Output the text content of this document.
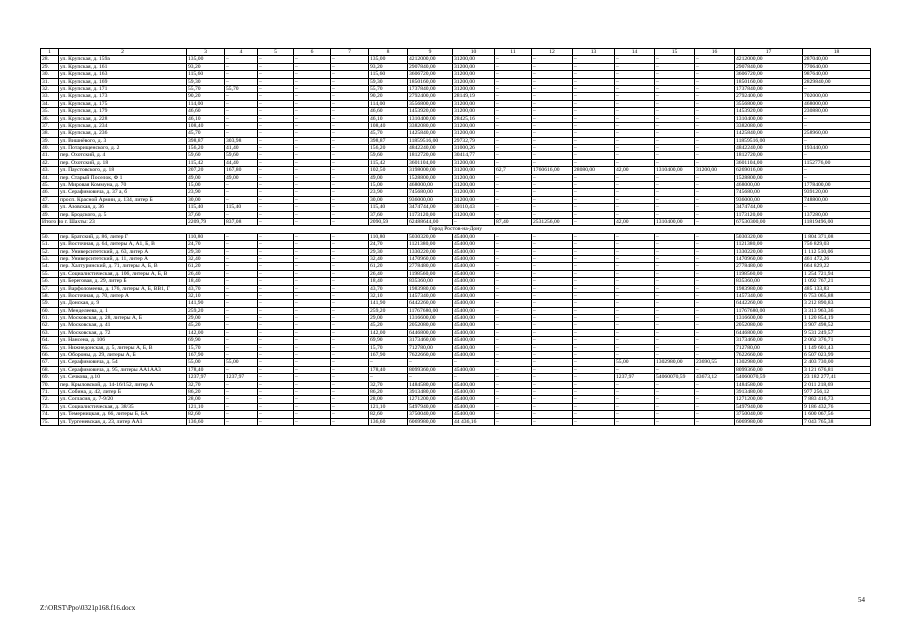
1	2	3	4	5	6	7	8	9	10	11	12	13	14	15	16	17	18
28.	ул. Крупская, д. 159а	135,00	–	–	–	–	135,00	4212000,00	31200,00	–	–	–	–	–	–	4212000,00	287040,00
29.	ул. Крупская, д. 161	93,20	–	–	–	–	93,20	2907840,00	31200,00	–	–	–	–	–	–	2907840,00	770640,00
30.	ул. Крупская, д. 163	115,60	–	–	–	–	115,60	3606720,00	31200,00	–	–	–	–	–	–	3606720,00	987640,00
31.	ул. Крупская, д. 169	59,30	–	–	–	–	59,30	1850160,00	31200,00	–	–	–	–	–	–	1850160,00	2829840,00
32.	ул. Крупская, д. 171	55,70	55,70	–	–	–	55,70	1737840,00	31200,00	–	–	–	–	–	–	1737840,00	–
33.	ул. Крупская, д. 173	90,20	–	–	–	–	90,20	2792400,00	28149,19	–	–	–	–	–	–	2792400,00	702000,00
34.	ул. Крупская, д. 175	114,00	–	–	–	–	114,00	3556800,00	31200,00	–	–	–	–	–	–	3556800,00	468000,00
35.	ул. Крупская, д. 179	46,60	–	–	–	–	46,60	1453920,00	31200,00	–	–	–	–	–	–	1453920,00	230880,00
36.	ул. Крупская, д. 228	46,10	–	–	–	–	46,10	1310400,00	28425,16	–	–	–	–	–	–	1310400,00	–
37.	ул. Крупская, д. 234	108,40	–	–	–	–	108,40	3382080,00	31200,00	–	–	–	–	–	–	3382080,00	–
38.	ул. Крупская, д. 236	45,70	–	–	–	–	45,70	1425840,00	31200,00	–	–	–	–	–	–	1425840,00	258960,00
39.	ул. Вишнёвого, д. 3	398,87	303,98	–	–	–	398,87	11859516,00	29732,79	–	–	–	–	–	–	11859516,00	–
40.	ул. Потарищенского, д. 2	156,20	41,40	–	–	–	156,20	4842240,00	31000,26	–	–	–	–	–	–	4842240,00	193440,00
41.	пер. Охотский, д. 4	59,60	59,60	–	–	–	59,60	1812720,00	30414,77	–	–	–	–	–	–	1812720,00	–
42.	пер. Охотский, д. 18	115,42	44,40	–	–	–	115,42	3601104,00	31200,00	–	–	–	–	–	–	3601104,00	1152776,00
43.	ул. Паустовского, д. 18	207,20	167,80	–	–	–	102,50	3198000,00	31200,00	62,7	1760616,00	28080,00	42,00	1310400,00	31200,00	6269016,00	–
44.	пер. Старый Поселок, Ф 1	49,00	49,00	–	–	–	49,00	1528800,00	31200,00	–	–	–	–	–	–	1528800,00	–
45.	ул. Мировая Коммуна, д. 70	15,00	–	–	–	–	15,00	468000,00	31200,00	–	–	–	–	–	–	468000,00	1778400,00
46.	ул. Серафимовича, д. 37 а, б	23,90	–	–	–	–	23,90	745680,00	31200,00	–	–	–	–	–	–	745680,00	939120,00
47.	просп. Красной Армии, д. 134, литер Б	30,00	–	–	–	–	30,00	936000,00	31200,00	–	–	–	–	–	–	936000,00	748800,00
48.	ул. Азовская, д. 36	115,40	115,40	–	–	–	115,40	3474744,00	30110,43	–	–	–	–	–	–	3474744,00	–
49.	пер. Бродского, д. 5	37,60	–	–	–	–	37,60	1173120,00	31200,00	–	–	–	–	–	–	1173120,00	137280,00
Итого по г. Шахты: 23		2209,79	837,08	–	–	–	2090,59	62488644,00	–	87,40	2531256,00	–	42,00	1310400,00	–	67530300,00	11819496,00
Город Ростов-на-Дону																	
50.	пер. Братский, д. 86, литер Г	110,80	–	–	–	–	110,80	5030320,00	45400,00	–	–	–	–	–	–	5030320,00	1 804 371,08
51.	ул. Восточная, д. 64, литеры А, А1, Б, В	24,70	–	–	–	–	24,70	1121380,00	45400,00	–	–	–	–	–	–	1121380,00	756 829,03
52.	пер. Университетский, д. 63, литер А	29,30	–	–	–	–	29,30	1330220,00	45400,00	–	–	–	–	–	–	1330220,00	1 112 510,06
53.	пер. Университетский, д. 11, литер А	32,40	–	–	–	–	32,40	1470960,00	45400,00	–	–	–	–	–	–	1470960,00	461 472,26
54.	пер. Халтуринский, д. 71, литеры А, Б, В	61,20	–	–	–	–	61,20	2778480,00	45400,00	–	–	–	–	–	–	2778480,00	664 829,22
55.	ул. Социалистическая, д. 106, литеры А, Б, В	26,40	–	–	–	–	26,40	1198560,00	45400,00	–	–	–	–	–	–	1198560,00	1 254 721,94
56.	ул. Береговая, д. 29, литер Б	18,40	–	–	–	–	18,40	835360,00	45400,00	–	–	–	–	–	–	835360,00	1 092 767,21
57.	ул. Варфоломеева, д. 176, литеры А, Б, ВВ1, Г	43,70	–	–	–	–	43,70	1983980,00	45400,00	–	–	–	–	–	–	1983980,00	485 133,83
58.	ул. Восточная, д. 70, литер А	32,10	–	–	–	–	32,10	1457340,00	45400,00	–	–	–	–	–	–	1457340,00	6 753 065,88
59.	ул. Донская, д. 9	141,90	–	–	–	–	141,90	6442260,00	45400,00	–	–	–	–	–	–	6442260,00	3 212 890,83
60.	ул. Менделеева, д. 1	259,20	–	–	–	–	259,20	11767680,00	45400,00	–	–	–	–	–	–	11767680,00	3 313 963,36
61.	ул. Московская, д. 28, литеры А, Б	29,00	–	–	–	–	29,00	1316600,00	45400,00	–	–	–	–	–	–	1316600,00	1 120 854,19
62.	ул. Московская, д. 41	45,20	–	–	–	–	45,20	2052080,00	45400,00	–	–	–	–	–	–	2052080,00	3 907 498,52
63.	ул. Московская, д. 72	142,00	–	–	–	–	142,00	6446800,00	45400,00	–	–	–	–	–	–	6446800,00	9 531 249,57
64.	ул. Нансена, д. 106	69,90	–	–	–	–	69,90	3173460,00	45400,00	–	–	–	–	–	–	3173460,00	2 062 376,71
65.	ул. Нижнедонская, д. 5, литеры А, Б, В	15,70	–	–	–	–	15,70	712780,00	45400,00	–	–	–	–	–	–	712780,00	1 149 601,43
66.	ул. Обороны, д. 29, литеры А, Б	167,90	–	–	–	–	167,90	7622660,00	45400,00	–	–	–	–	–	–	7622660,00	6 507 023,99
67.	ул. Серафимовича, д. 54	55,00	55,00	–	–	–	–	–	–	–	–	–	55,00	1302980,00	23690,55	1302980,00	2 403 730,00
68.	ул. Серафимовича, д. 95, литеры АА1АА3	178,40	–	–	–	–	178,40	8099360,00	45400,00	–	–	–	–	–	–	8099360,00	3 121 676,81
69.	ул. Сечкова, д.10	1237,97	1237,97	–	–	–	–	–	–	–	–	–	1237,97	54060070,59	43673,12	54060070,59	23 182 277,41
70.	пер. Крыловской, д. 14-16/152, литер А	32,70	–	–	–	–	32,70	1484580,00	45400,00	–	–	–	–	–	–	1484580,00	2 011 218,69
71.	ул. Собина, д. 42, литер Б	86,20	–	–	–	–	86,20	3913480,00	45400,00	–	–	–	–	–	–	3913480,00	977 256,12
72.	ул. Согласия, д. 7-9/20	28,00	–	–	–	–	28,00	1271200,00	45400,00	–	–	–	–	–	–	1271200,00	7 883 416,73
73.	ул. Социалистическая, д. 38/35	121,10	–	–	–	–	121,10	5497940,00	45400,00	–	–	–	–	–	–	5497940,00	9 186 432,76
74.	ул. Темерницкая, д. 66, литеры Б, БА	82,60	–	–	–	–	82,60	3750040,00	45400,00	–	–	–	–	–	–	3750040,00	1 600 067,56
75.	ул. Тургеневская, д. 23, литер АА1	136,60	–	–	–	–	136,60	6069980,00	44 436,16	–	–	–	–	–	–	6069980,00	7 043 765,38
54
Z:\ORST\Ppo\0321p168.f16.docx
